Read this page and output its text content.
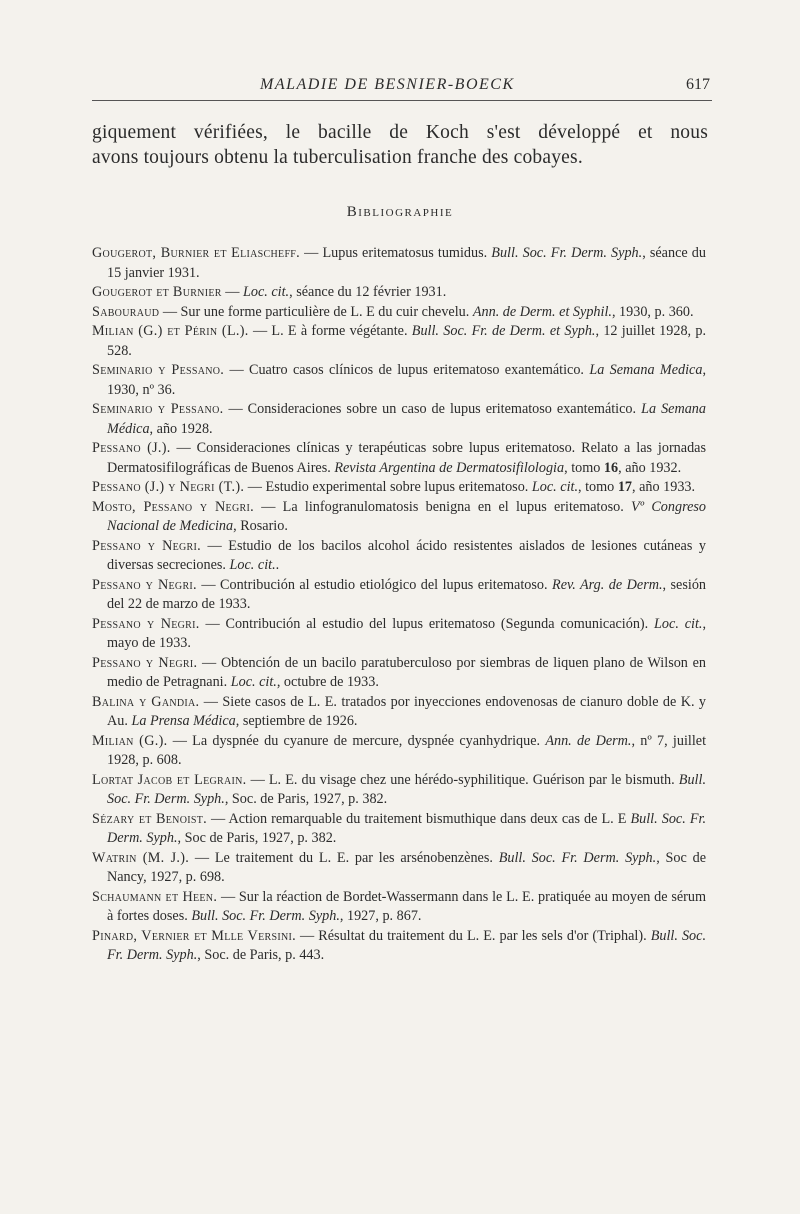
MALADIE DE BESNIER-BOECK	617

giquement vérifiées, le bacille de Koch s'est développé et nous
avons toujours obtenu la tuberculisation franche des cobayes.

Bibliographie

Gougerot, Burnier et Eliascheff. — Lupus eritematosus tumidus. Bull. Soc. Fr. Derm. Syph., séance du 15 janvier 1931.

Gougerot et Burnier — Loc. cit., séance du 12 février 1931.

Sabouraud — Sur une forme particulière de L. E du cuir chevelu. Ann. de Derm. et Syphil., 1930, p. 360.

Milian (G.) et Périn (L.). — L. E à forme végétante. Bull. Soc. Fr. de Derm. et Syph., 12 juillet 1928, p. 528.

Seminario y Pessano. — Cuatro casos clínicos de lupus eritematoso exantemático. La Semana Medica, 1930, nº 36.

Seminario y Pessano. — Consideraciones sobre un caso de lupus eritematoso exantemático. La Semana Médica, año 1928.

Pessano (J.). — Consideraciones clínicas y terapéuticas sobre lupus eritematoso. Relato a las jornadas Dermatosifilográficas de Buenos Aires. Revista Argentina de Dermatosifilologia, tomo 16, año 1932.

Pessano (J.) y Negri (T.). — Estudio experimental sobre lupus eritematoso. Loc. cit., tomo 17, año 1933.

Mosto, Pessano y Negri. — La linfogranulomatosis benigna en el lupus eritematoso. Vº Congreso Nacional de Medicina, Rosario.

Pessano y Negri. — Estudio de los bacilos alcohol ácido resistentes aislados de lesiones cutáneas y diversas secreciones. Loc. cit..

Pessano y Negri. — Contribución al estudio etiológico del lupus eritematoso. Rev. Arg. de Derm., sesión del 22 de marzo de 1933.

Pessano y Negri. — Contribución al estudio del lupus eritematoso (Segunda comunicación). Loc. cit., mayo de 1933.

Pessano y Negri. — Obtención de un bacilo paratuberculoso por siembras de liquen plano de Wilson en medio de Petragnani. Loc. cit., octubre de 1933.

Balina y Gandia. — Siete casos de L. E. tratados por inyecciones endovenosas de cianuro doble de K. y Au. La Prensa Médica, septiembre de 1926.

Milian (G.). — La dyspnée du cyanure de mercure, dyspnée cyanhydrique. Ann. de Derm., nº 7, juillet 1928, p. 608.

Lortat Jacob et Legrain. — L. E. du visage chez une hérédo-syphilitique. Guérison par le bismuth. Bull. Soc. Fr. Derm. Syph., Soc. de Paris, 1927, p. 382.

Sézary et Benoist. — Action remarquable du traitement bismuthique dans deux cas de L. E Bull. Soc. Fr. Derm. Syph., Soc de Paris, 1927, p. 382.

Watrin (M. J.). — Le traitement du L. E. par les arsénobenzènes. Bull. Soc. Fr. Derm. Syph., Soc de Nancy, 1927, p. 698.

Schaumann et Heen. — Sur la réaction de Bordet-Wassermann dans le L. E. pratiquée au moyen de sérum à fortes doses. Bull. Soc. Fr. Derm. Syph., 1927, p. 867.

Pinard, Vernier et Mlle Versini. — Résultat du traitement du L. E. par les sels d'or (Triphal). Bull. Soc. Fr. Derm. Syph., Soc. de Paris, p. 443.
